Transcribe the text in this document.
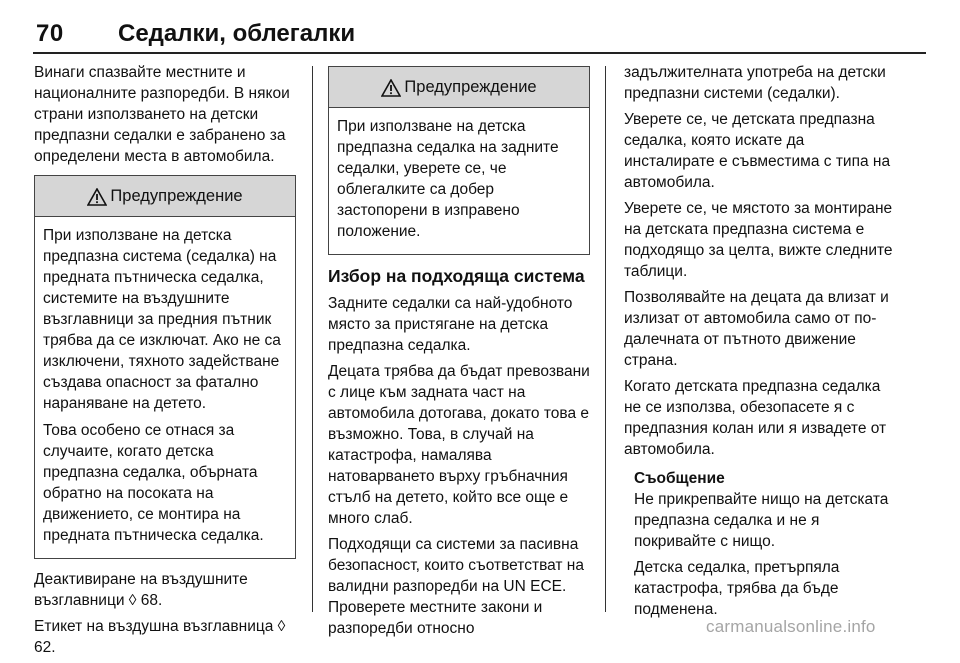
70 Седалки, облегалки

Винаги спазвайте местните и националните разпоредби. В някои страни използването на детски предпазни седалки е забранено за определени места в автомобила.

Предупреждение

При използване на детска предпазна система (седалка) на предната пътническа седалка, системите на въздушните възглавници за предния пътник трябва да се изключат. Ако не са изключени, тяхното задействане създава опасност за фатално нараняване на детето.

Това особено се отнася за случаите, когато детска предпазна седалка, обърната обратно на посоката на движението, се монтира на предната пътническа седалка.

Деактивиране на въздушните възглавници ◊ 68.

Етикет на въздушна възглавница ◊ 62.

Предупреждение

При използване на детска предпазна седалка на задните седалки, уверете се, че облегалките са добер застопорени в изправено положение.

Избор на подходяща система

Задните седалки са най-удобното място за пристягане на детска предпазна седалка.

Децата трябва да бъдат превозвани с лице към задната част на автомобила дотогава, докато това е възможно. Това, в случай на катастрофа, намалява натоварването върху гръбначния стълб на детето, който все още е много слаб.

Подходящи са системи за пасивна безопасност, които съответстват на валидни разпоредби на UN ECE. Проверете местните закони и разпоредби относно

задължителната употреба на детски предпазни системи (седалки).

Уверете се, че детската предпазна седалка, която искате да инсталирате е съвместима с типа на автомобила.

Уверете се, че мястото за монтиране на детската предпазна система е подходящо за целта, вижте следните таблици.

Позволявайте на децата да влизат и излизат от автомобила само от по-далечната от пътното движение страна.

Когато детската предпазна седалка не се използва, обезопасете я с предпазния колан или я извадете от автомобила.

Съобщение

Не прикрепвайте нищо на детската предпазна седалка и не я покривайте с нищо.

Детска седалка, претърпяла катастрофа, трябва да бъде подменена.

carmanualsonline.info
